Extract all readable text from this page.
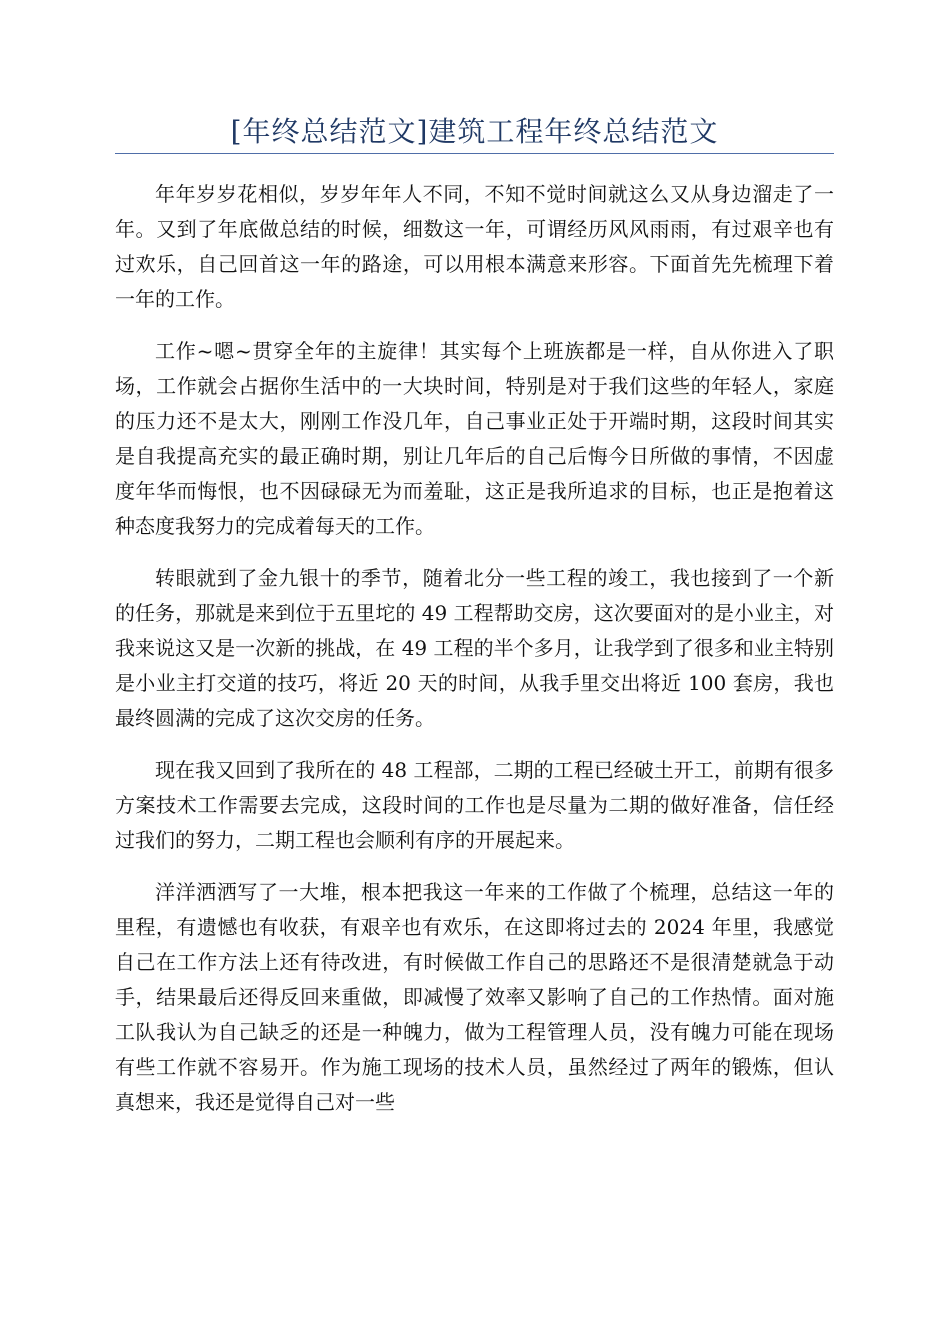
[年终总结范文]建筑工程年终总结范文

年年岁岁花相似，岁岁年年人不同，不知不觉时间就这么又从身边溜走了一年。又到了年底做总结的时候，细数这一年，可谓经历风风雨雨，有过艰辛也有过欢乐，自己回首这一年的路途，可以用根本满意来形容。下面首先先梳理下着一年的工作。

工作~嗯~贯穿全年的主旋律！其实每个上班族都是一样，自从你进入了职场，工作就会占据你生活中的一大块时间，特别是对于我们这些的年轻人，家庭的压力还不是太大，刚刚工作没几年，自己事业正处于开端时期，这段时间其实是自我提高充实的最正确时期，别让几年后的自己后悔今日所做的事情，不因虚度年华而悔恨，也不因碌碌无为而羞耻，这正是我所追求的目标，也正是抱着这种态度我努力的完成着每天的工作。

转眼就到了金九银十的季节，随着北分一些工程的竣工，我也接到了一个新的任务，那就是来到位于五里坨的 49 工程帮助交房，这次要面对的是小业主，对我来说这又是一次新的挑战，在 49 工程的半个多月，让我学到了很多和业主特别是小业主打交道的技巧，将近 20 天的时间，从我手里交出将近 100 套房，我也最终圆满的完成了这次交房的任务。

现在我又回到了我所在的 48 工程部，二期的工程已经破土开工，前期有很多方案技术工作需要去完成，这段时间的工作也是尽量为二期的做好准备，信任经过我们的努力，二期工程也会顺利有序的开展起来。

洋洋洒洒写了一大堆，根本把我这一年来的工作做了个梳理，总结这一年的里程，有遗憾也有收获，有艰辛也有欢乐，在这即将过去的 2024 年里，我感觉自己在工作方法上还有待改进，有时候做工作自己的思路还不是很清楚就急于动手，结果最后还得反回来重做，即减慢了效率又影响了自己的工作热情。面对施工队我认为自己缺乏的还是一种魄力，做为工程管理人员，没有魄力可能在现场有些工作就不容易开。作为施工现场的技术人员，虽然经过了两年的锻炼，但认真想来，我还是觉得自己对一些
